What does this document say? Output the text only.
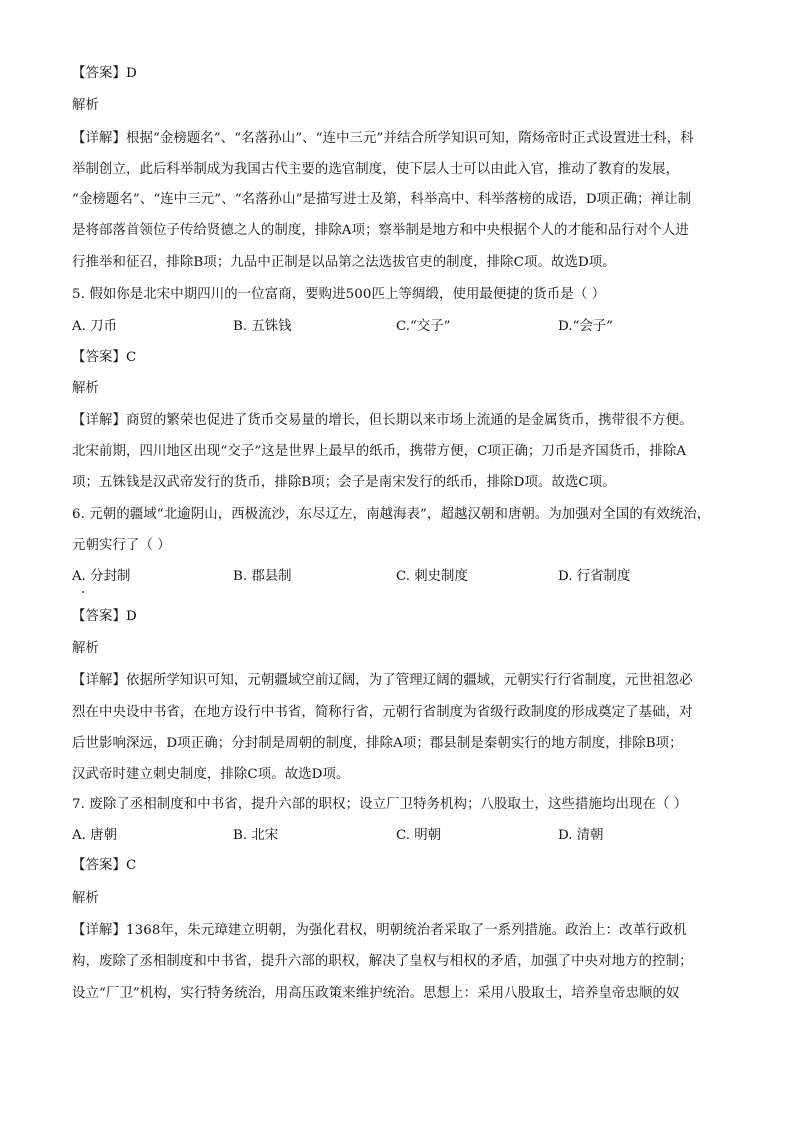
【答案】D
解析
【详解】根据“金榜题名”、“名落孙山”、“连中三元”并结合所学知识可知，隋炀帝时正式设置进士科，科
举制创立，此后科举制成为我国古代主要的选官制度，使下层人士可以由此入官，推动了教育的发展，
“金榜题名”、“连中三元”、“名落孙山”是描写进士及第，科举高中、科举落榜的成语，D项正确；禅让制
是将部落首领位子传给贤德之人的制度，排除A项；察举制是地方和中央根据个人的才能和品行对个人进
行推举和征召，排除B项；九品中正制是以品第之法选拔官吏的制度，排除C项。故选D项。
5. 假如你是北宋中期四川的一位富商，要购进500匹上等绸缎，使用最便捷的货币是（ ）
A. 刀币	B. 五铢钱	C.“交子”	D.“会子”
【答案】C
解析
【详解】商贸的繁荣也促进了货币交易量的增长，但长期以来市场上流通的是金属货币，携带很不方便。
北宋前期，四川地区出现“交子”这是世界上最早的纸币，携带方便，C项正确；刀币是齐国货币，排除A
项；五铢钱是汉武帝发行的货币，排除B项；会子是南宋发行的纸币，排除D项。故选C项。
6. 元朝的疆域“北逾阴山，西极流沙，东尽辽左，南越海表”，超越汉朝和唐朝。为加强对全国的有效统治，
元朝实行了（ ）
A. 分封制	B. 郡县制	C. 刺史制度	D. 行省制度
【答案】D
解析
【详解】依据所学知识可知，元朝疆域空前辽阔，为了管理辽阔的疆域，元朝实行行省制度，元世祖忽必
烈在中央设中书省，在地方设行中书省，简称行省，元朝行省制度为省级行政制度的形成奠定了基础，对
后世影响深远，D项正确；分封制是周朝的制度，排除A项；郡县制是秦朝实行的地方制度，排除B项；
汉武帝时建立刺史制度，排除C项。故选D项。
7. 废除了丞相制度和中书省，提升六部的职权；设立厂卫特务机构；八股取士，这些措施均出现在（ ）
A. 唐朝	B. 北宋	C. 明朝	D. 清朝
【答案】C
解析
【详解】1368年，朱元璋建立明朝，为强化君权，明朝统治者采取了一系列措施。政治上：改革行政机
构，废除了丞相制度和中书省，提升六部的职权，解决了皇权与相权的矛盾，加强了中央对地方的控制；
设立“厂卫”机构，实行特务统治，用高压政策来维护统治。思想上：采用八股取士，培养皇帝忠顺的奴
